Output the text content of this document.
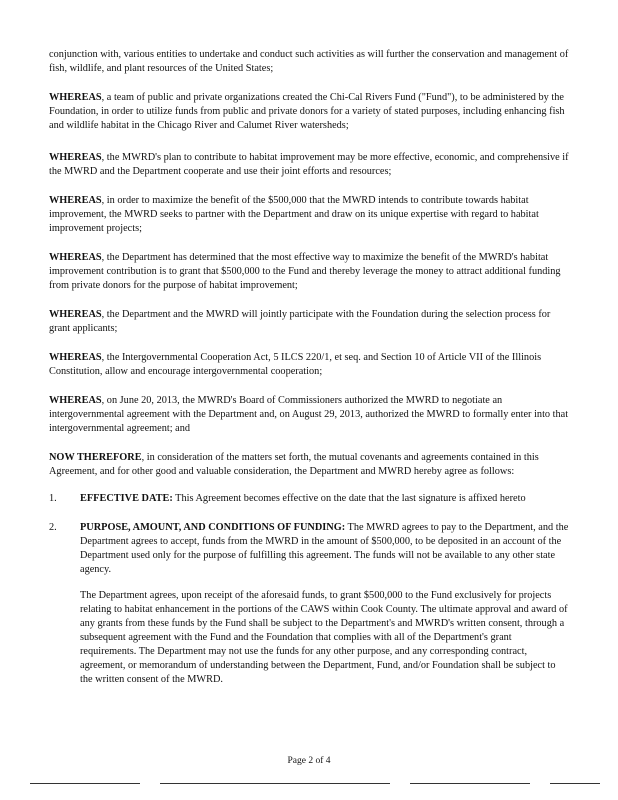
conjunction with, various entities to undertake and conduct such activities as will further the conservation and management of fish, wildlife, and plant resources of the United States;

WHEREAS, a team of public and private organizations created the Chi-Cal Rivers Fund ("Fund"), to be administered by the Foundation, in order to utilize funds from public and private donors for a variety of stated purposes, including enhancing fish and wildlife habitat in the Chicago River and Calumet River watersheds;

WHEREAS, the MWRD's plan to contribute to habitat improvement may be more effective, economic, and comprehensive if the MWRD and the Department cooperate and use their joint efforts and resources;

WHEREAS, in order to maximize the benefit of the $500,000 that the MWRD intends to contribute towards habitat improvement, the MWRD seeks to partner with the Department and draw on its unique expertise with regard to habitat improvement projects;

WHEREAS, the Department has determined that the most effective way to maximize the benefit of the MWRD's habitat improvement contribution is to grant that $500,000 to the Fund and thereby leverage the money to attract additional funding from private donors for the purpose of habitat improvement;

WHEREAS, the Department and the MWRD will jointly participate with the Foundation during the selection process for grant applicants;

WHEREAS, the Intergovernmental Cooperation Act, 5 ILCS 220/1, et seq. and Section 10 of Article VII of the Illinois Constitution, allow and encourage intergovernmental cooperation;

WHEREAS, on June 20, 2013, the MWRD's Board of Commissioners authorized the MWRD to negotiate an intergovernmental agreement with the Department and, on August 29, 2013, authorized the MWRD to formally enter into that intergovernmental agreement; and

NOW THEREFORE, in consideration of the matters set forth, the mutual covenants and agreements contained in this Agreement, and for other good and valuable consideration, the Department and MWRD hereby agree as follows:

1. EFFECTIVE DATE: This Agreement becomes effective on the date that the last signature is affixed hereto

2. PURPOSE, AMOUNT, AND CONDITIONS OF FUNDING: The MWRD agrees to pay to the Department, and the Department agrees to accept, funds from the MWRD in the amount of $500,000, to be deposited in an account of the Department used only for the purpose of fulfilling this agreement. The funds will not be available to any other state agency.

The Department agrees, upon receipt of the aforesaid funds, to grant $500,000 to the Fund exclusively for projects relating to habitat enhancement in the portions of the CAWS within Cook County. The ultimate approval and award of any grants from these funds by the Fund shall be subject to the Department's and MWRD's written consent, through a subsequent agreement with the Fund and the Foundation that complies with all of the Department's grant requirements. The Department may not use the funds for any other purpose, and any corresponding contract, agreement, or memorandum of understanding between the Department, Fund, and/or Foundation shall be subject to the written consent of the MWRD.

Page 2 of 4
